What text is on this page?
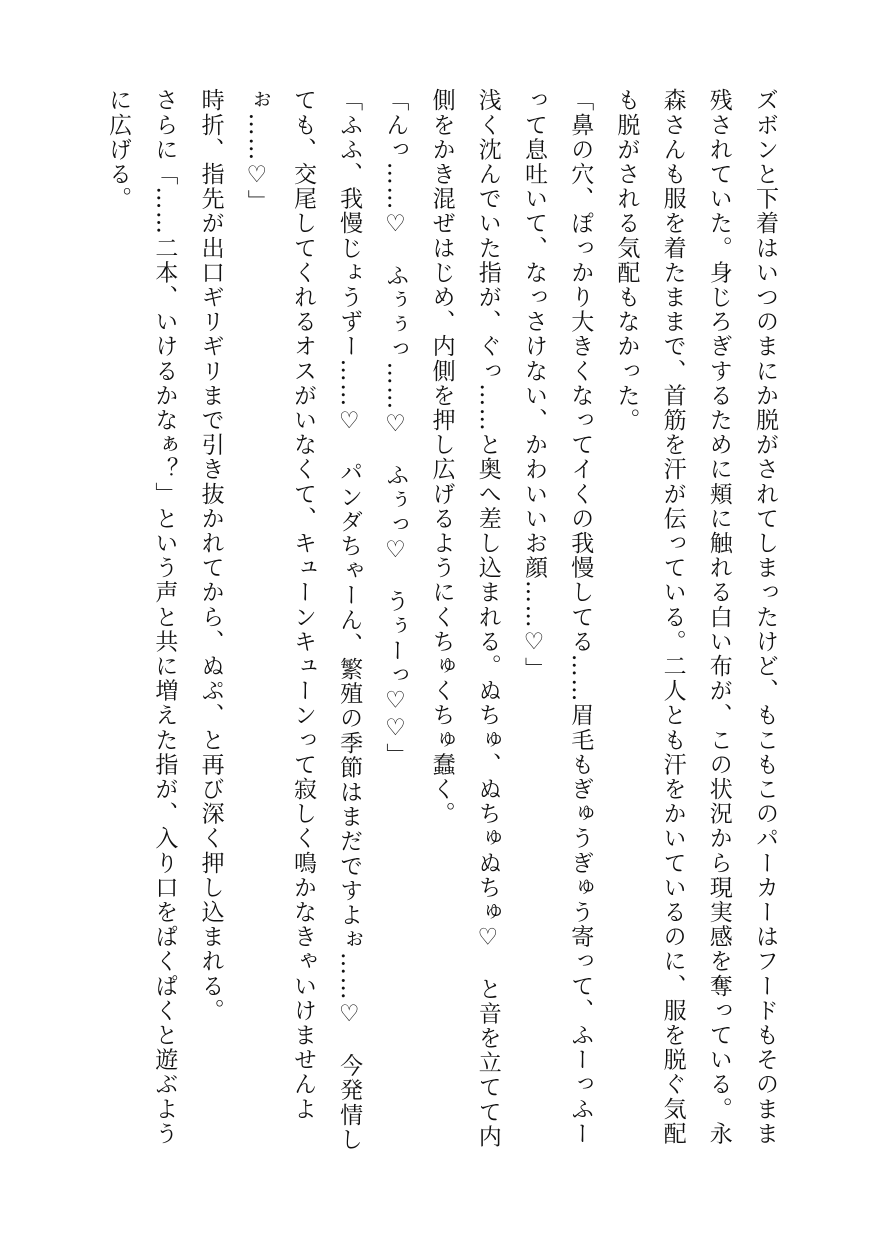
ズボンと下着はいつのまにか脱がされてしまったけど、もこもこのパーカーはフードもそのまま残されていた。身じろぎするために頬に触れる白い布が、この状況から現実感を奪っている。永森さんも服を着たままで、首筋を汗が伝っている。二人とも汗をかいているのに、服を脱ぐ気配も脱がされる気配もなかった。

「鼻の穴、ぽっかり大きくなってイくの我慢してる……眉毛もぎゅうぎゅう寄って、ふーっふーって息吐いて、なっさけない、かわいいお顔……♡」

浅く沈んでいた指が、ぐっ……と奥へ差し込まれる。ぬちゅ、ぬちゅぬちゅ♡　と音を立てて内側をかき混ぜはじめ、内側を押し広げるようにくちゅくちゅ蠢く。

「んっ……♡　ふぅぅっ……♡　ふぅっ♡　うぅーっ♡♡」

「ふふ、我慢じょうずー……♡　パンダちゃーん、繁殖の季節はまだですよぉ……♡　今発情しても、交尾してくれるオスがいなくて、キューンキューンって寂しく鳴かなきゃいけませんよぉ……♡」

時折、指先が出口ギリギリまで引き抜かれてから、ぬぷ、と再び深く押し込まれる。

さらに「……二本、いけるかなぁ？」という声と共に増えた指が、入り口をぱくぱくと遊ぶように広げる。
